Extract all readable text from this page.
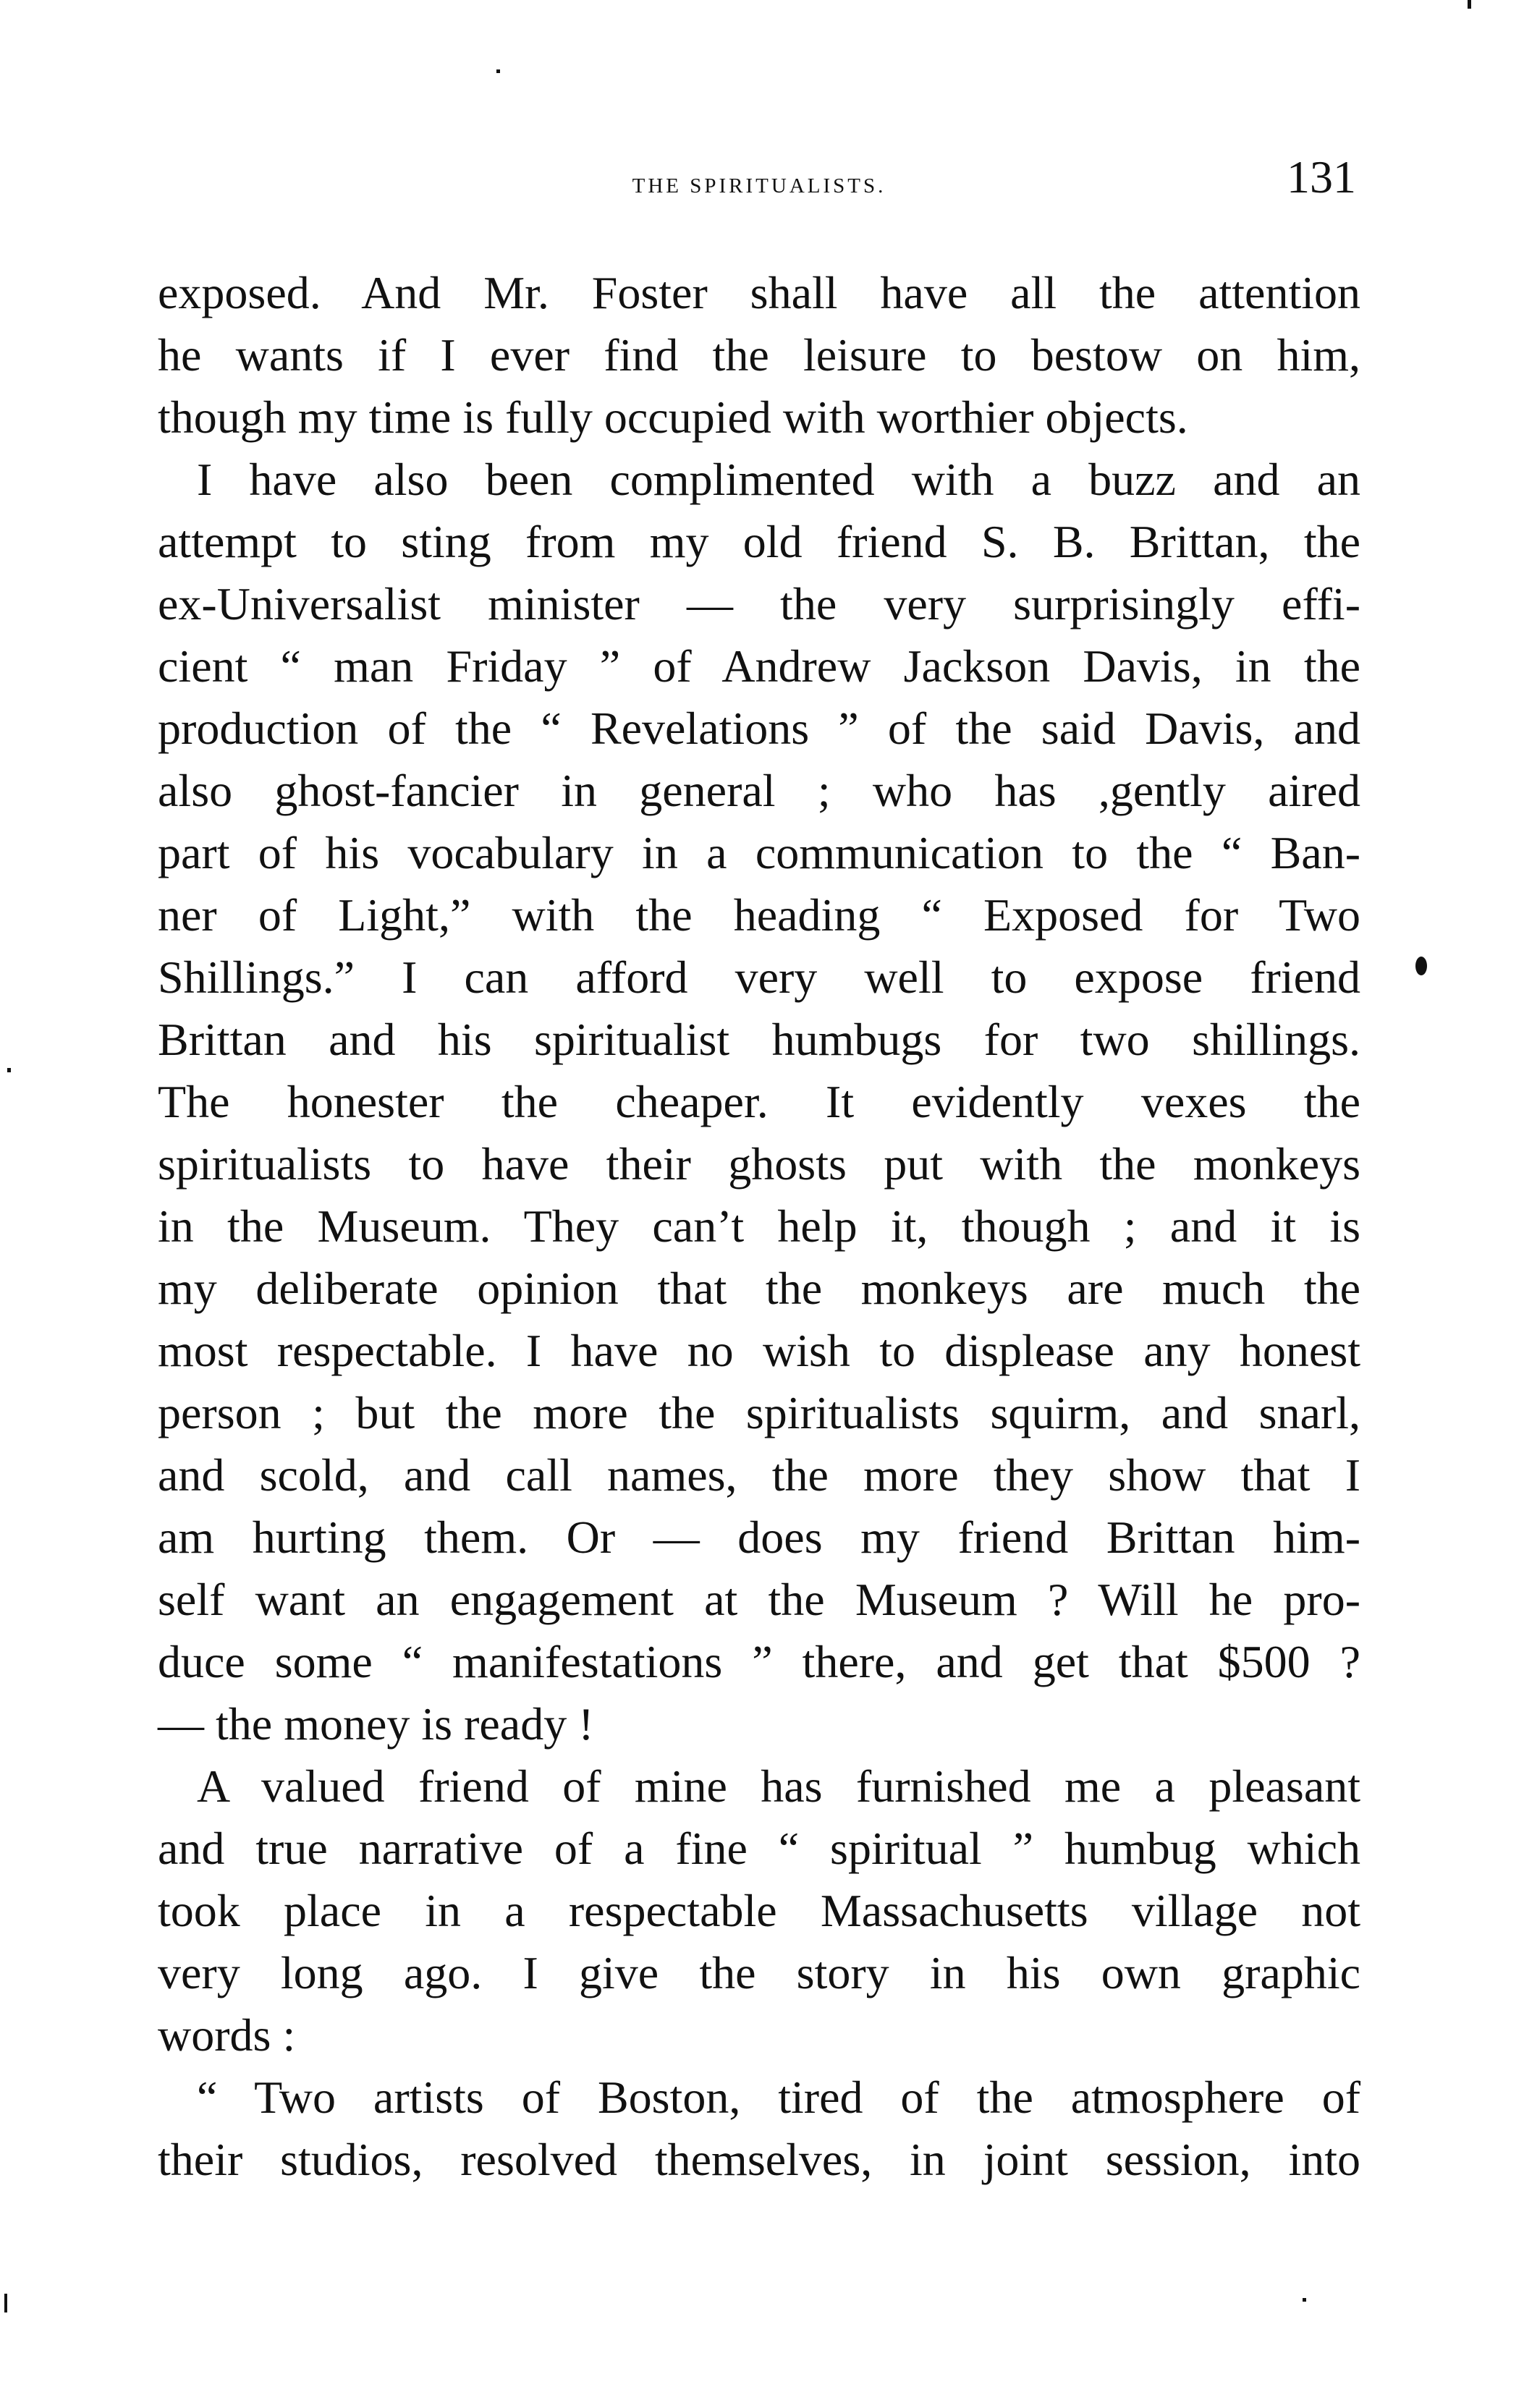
the spiritualists.	131
exposed. And Mr. Foster shall have all the attention
he wants if I ever find the leisure to bestow on him,
though my time is fully occupied with worthier objects.
I have also been complimented with a buzz and an
attempt to sting from my old friend S. B. Brittan, the
ex-Universalist minister — the very surprisingly effi-
cient “ man Friday ” of Andrew Jackson Davis, in the
production of the “ Revelations ” of the said Davis, and
also ghost-fancier in general ; who has ,gently aired
part of his vocabulary in a communication to the “ Ban-
ner of Light,” with the heading “ Exposed for Two
Shillings.” I can afford very well to expose friend
Brittan and his spiritualist humbugs for two shillings.
The honester the cheaper. It evidently vexes the
spiritualists to have their ghosts put with the monkeys
in the Museum. They can’t help it, though ; and it is
my deliberate opinion that the monkeys are much the
most respectable. I have no wish to displease any honest
person ; but the more the spiritualists squirm, and snarl,
and scold, and call names, the more they show that I
am hurting them. Or — does my friend Brittan him-
self want an engagement at the Museum ? Will he pro-
duce some “ manifestations ” there, and get that $500 ?
— the money is ready !
A valued friend of mine has furnished me a pleasant
and true narrative of a fine “ spiritual ” humbug which
took place in a respectable Massachusetts village not
very long ago. I give the story in his own graphic
words :
“ Two artists of Boston, tired of the atmosphere of
their studios, resolved themselves, in joint session, into
